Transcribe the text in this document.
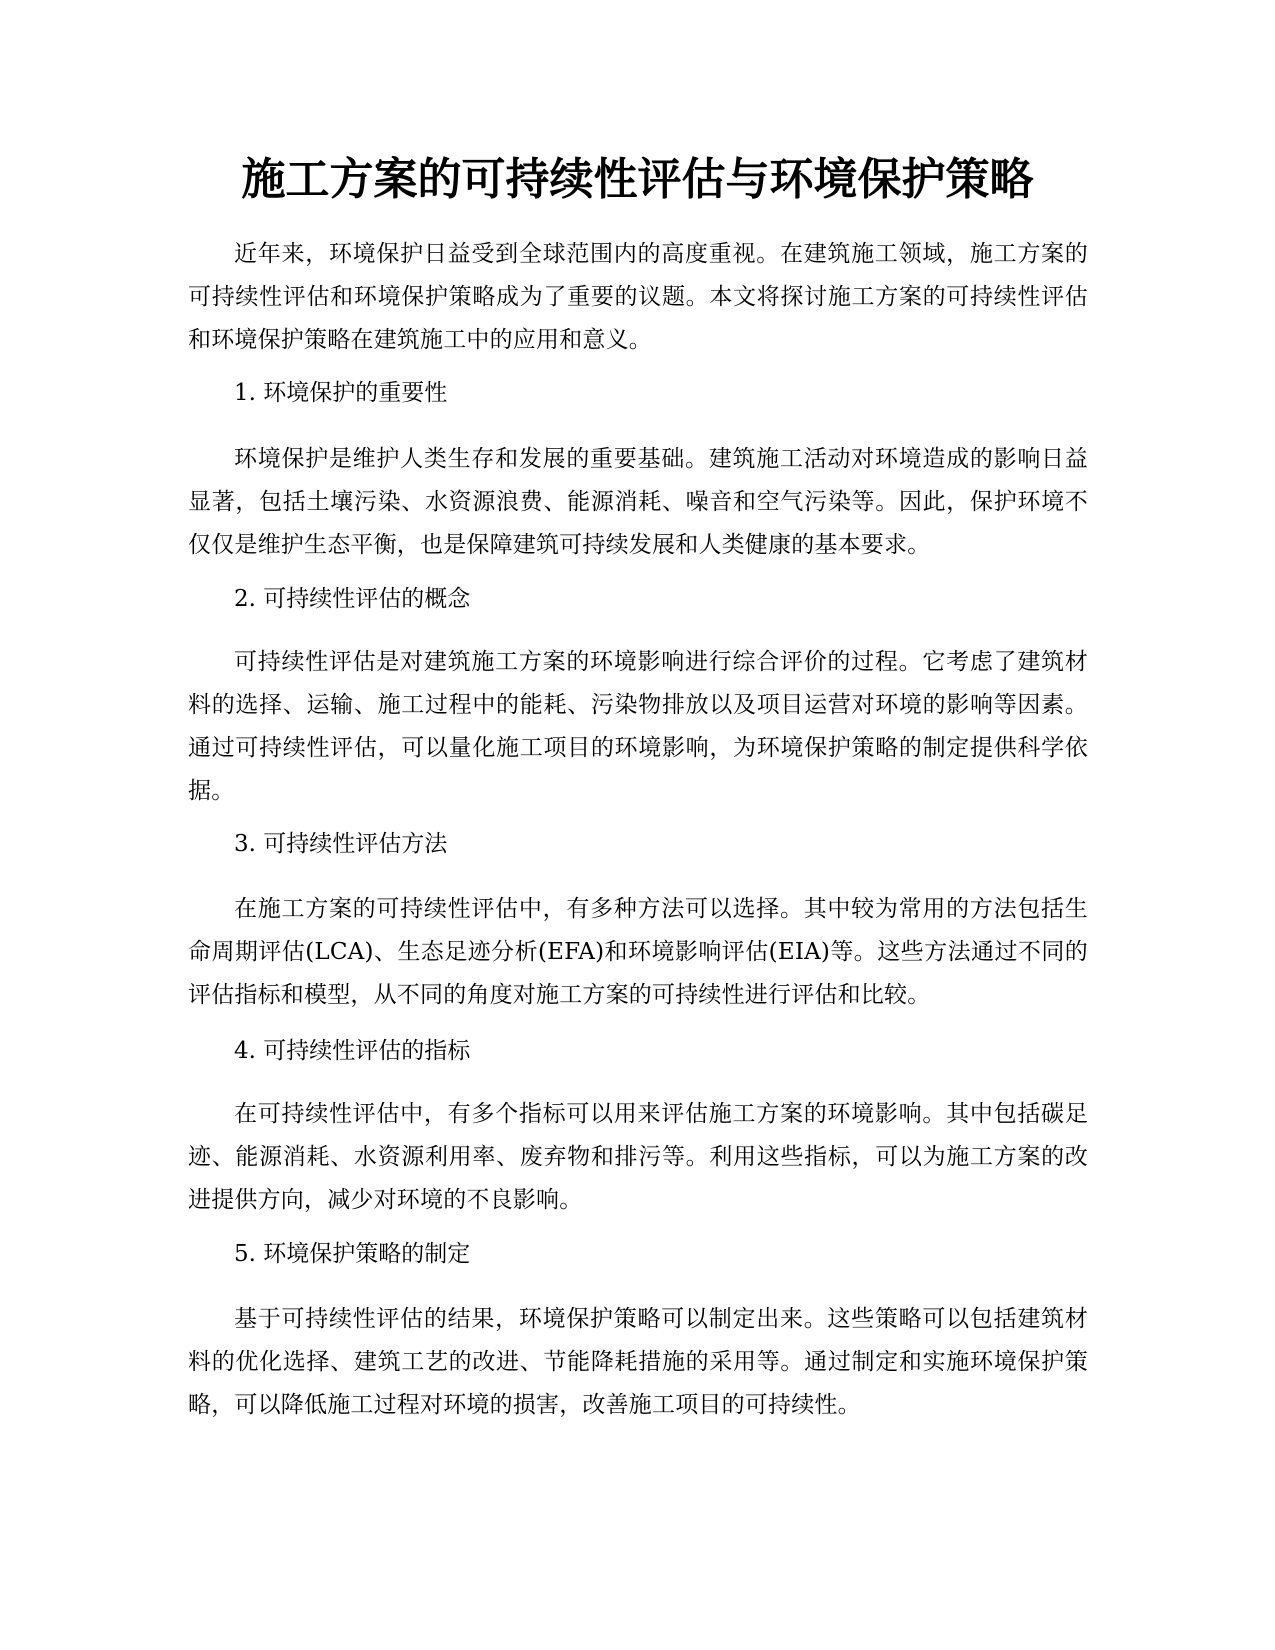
施工方案的可持续性评估与环境保护策略

近年来，环境保护日益受到全球范围内的高度重视。在建筑施工领域，施工方案的可持续性评估和环境保护策略成为了重要的议题。本文将探讨施工方案的可持续性评估和环境保护策略在建筑施工中的应用和意义。

1. 环境保护的重要性

环境保护是维护人类生存和发展的重要基础。建筑施工活动对环境造成的影响日益显著，包括土壤污染、水资源浪费、能源消耗、噪音和空气污染等。因此，保护环境不仅仅是维护生态平衡，也是保障建筑可持续发展和人类健康的基本要求。

2. 可持续性评估的概念

可持续性评估是对建筑施工方案的环境影响进行综合评价的过程。它考虑了建筑材料的选择、运输、施工过程中的能耗、污染物排放以及项目运营对环境的影响等因素。通过可持续性评估，可以量化施工项目的环境影响，为环境保护策略的制定提供科学依据。

3. 可持续性评估方法

在施工方案的可持续性评估中，有多种方法可以选择。其中较为常用的方法包括生命周期评估(LCA)、生态足迹分析(EFA)和环境影响评估(EIA)等。这些方法通过不同的评估指标和模型，从不同的角度对施工方案的可持续性进行评估和比较。

4. 可持续性评估的指标

在可持续性评估中，有多个指标可以用来评估施工方案的环境影响。其中包括碳足迹、能源消耗、水资源利用率、废弃物和排污等。利用这些指标，可以为施工方案的改进提供方向，减少对环境的不良影响。

5. 环境保护策略的制定

基于可持续性评估的结果，环境保护策略可以制定出来。这些策略可以包括建筑材料的优化选择、建筑工艺的改进、节能降耗措施的采用等。通过制定和实施环境保护策略，可以降低施工过程对环境的损害，改善施工项目的可持续性。
